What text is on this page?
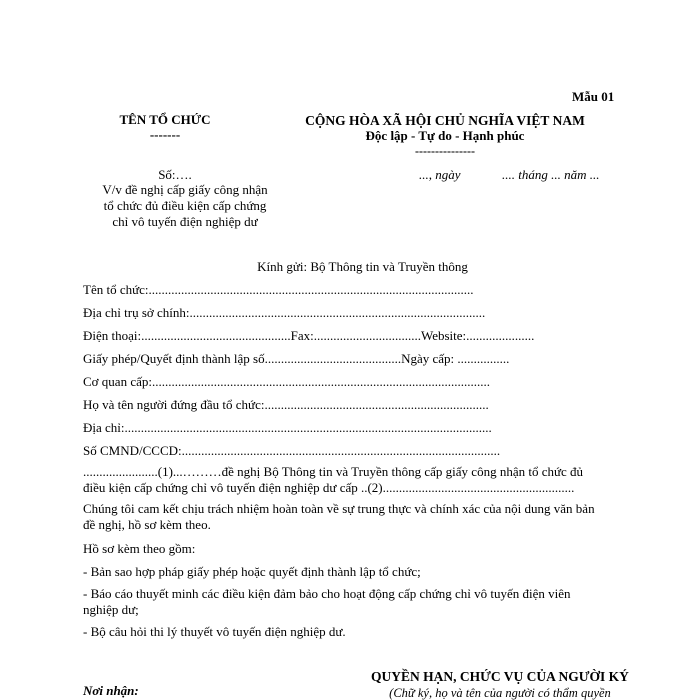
Mẫu 01
TÊN TỔ CHỨC
-------
CỘNG HÒA XÃ HỘI CHỦ NGHĨA VIỆT NAM
Độc lập - Tự do - Hạnh phúc
---------------
Số:….	..., ngày	.... tháng ... năm ...
V/v đề nghị cấp giấy công nhận
tổ chức đủ điều kiện cấp chứng
chỉ vô tuyến điện nghiệp dư
Kính gửi: Bộ Thông tin và Truyền thông
Tên tổ chức:....................................................................................................
Địa chỉ trụ sở chính:...........................................................................................
Điện thoại:..............................................Fax:.................................Website:.....................
Giấy phép/Quyết định thành lập số..........................................Ngày cấp: ................
Cơ quan cấp:........................................................................................................
Họ và tên người đứng đầu tổ chức:.....................................................................
Địa chỉ:.................................................................................................................
Số CMND/CCCD:..................................................................................................
.......................(1)...………đề nghị Bộ Thông tin và Truyền thông cấp giấy công nhận tổ chức đủ
điều kiện cấp chứng chỉ vô tuyến điện nghiệp dư cấp ..(2)...........................................................
Chúng tôi cam kết chịu trách nhiệm hoàn toàn về sự trung thực và chính xác của nội dung văn bản đề nghị, hồ sơ kèm theo.
Hồ sơ kèm theo gồm:
- Bản sao hợp pháp giấy phép hoặc quyết định thành lập tổ chức;
- Báo cáo thuyết minh các điều kiện đảm bảo cho hoạt động cấp chứng chỉ vô tuyến điện viên nghiệp dư;
- Bộ câu hỏi thi lý thuyết vô tuyến điện nghiệp dư.
QUYỀN HẠN, CHỨC VỤ CỦA NGƯỜI KÝ
(Chữ ký, họ và tên của người có thẩm quyền
Nơi nhận:
